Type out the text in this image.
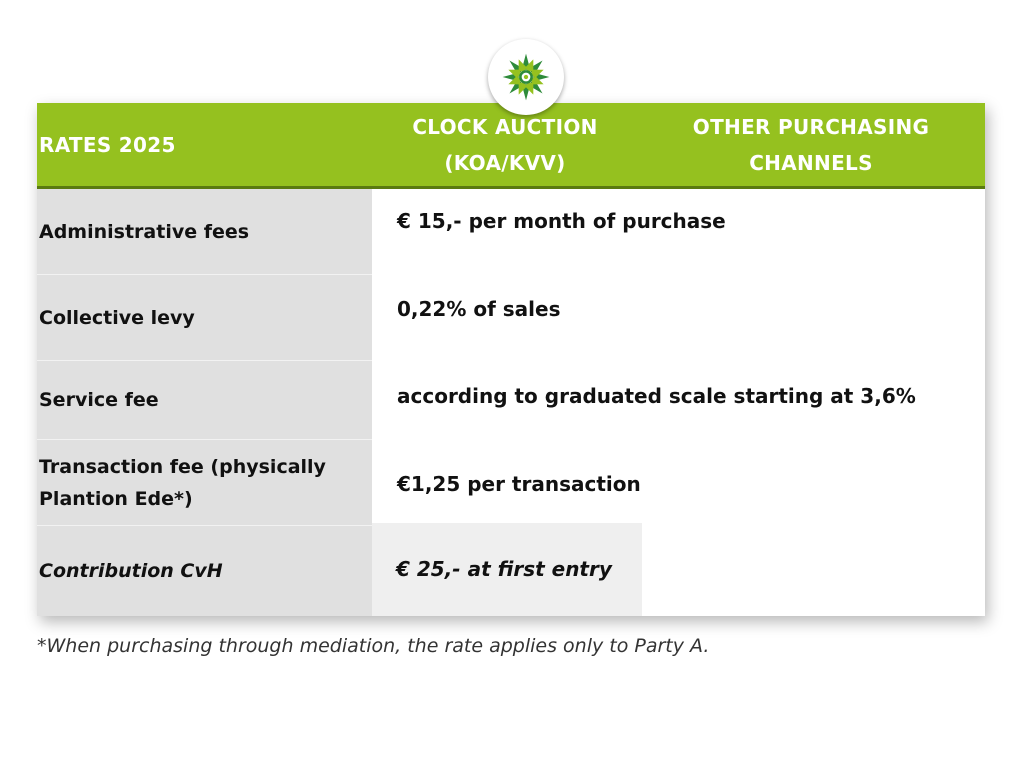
RATES 2025
CLOCK AUCTION
(KOA/KVV)
OTHER PURCHASING
CHANNELS
Administrative fees
Collective levy
Service fee
Transaction fee (physically
Plantion Ede*)
Contribution CvH
€ 15,- per month of purchase
0,22% of sales
according to graduated scale starting at 3,6%
€1,25 per transaction
€ 25,- at first entry
*When purchasing through mediation, the rate applies only to Party A.
